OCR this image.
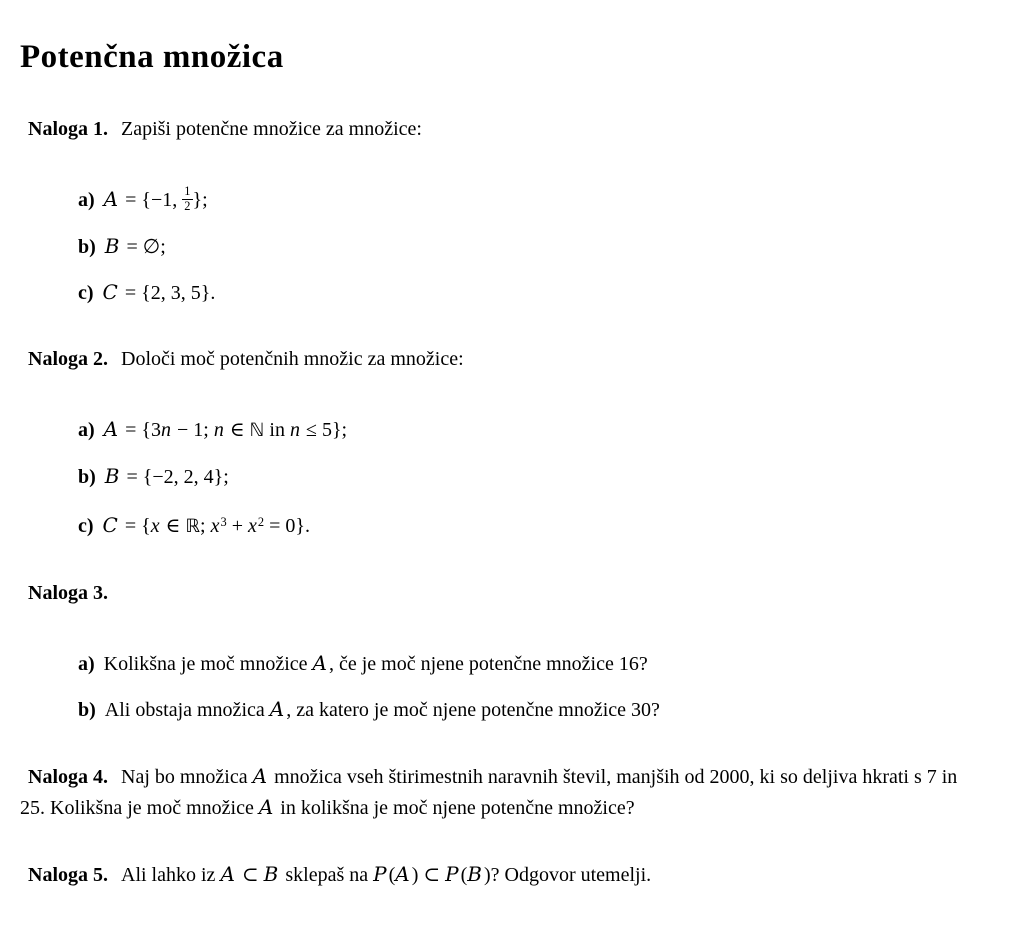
Potenčna množica

Naloga 1. Zapiši potenčne množice za množice:

a) A = {−1, $\frac{1}{2}$ };
b) B = ∅;
c) C = {2, 3, 5}.

Naloga 2. Določi moč potenčnih množic za množice:

a) A = {3n − 1; n ∈ ℕ in n ≤ 5};
b) B = {−2, 2, 4};
c) C = {x ∈ ℝ; $x^3 + x^2 = 0$}.

Naloga 3.

a) Kolikšna je moč množice A , če je moč njene potenčne množice 16?
b) Ali obstaja množica A , za katero je moč njene potenčne množice 30?

Naloga 4. Naj bo množica A množica vseh štirimestnih naravnih števil, manjših od 2000, ki so deljiva hkrati s 7 in 25. Kolikšna je moč množice A in kolikšna je moč njene potenčne množice?

Naloga 5. Ali lahko iz A ⊂ B sklepaš na P (A ) ⊂ P (B )? Odgovor utemelji.
